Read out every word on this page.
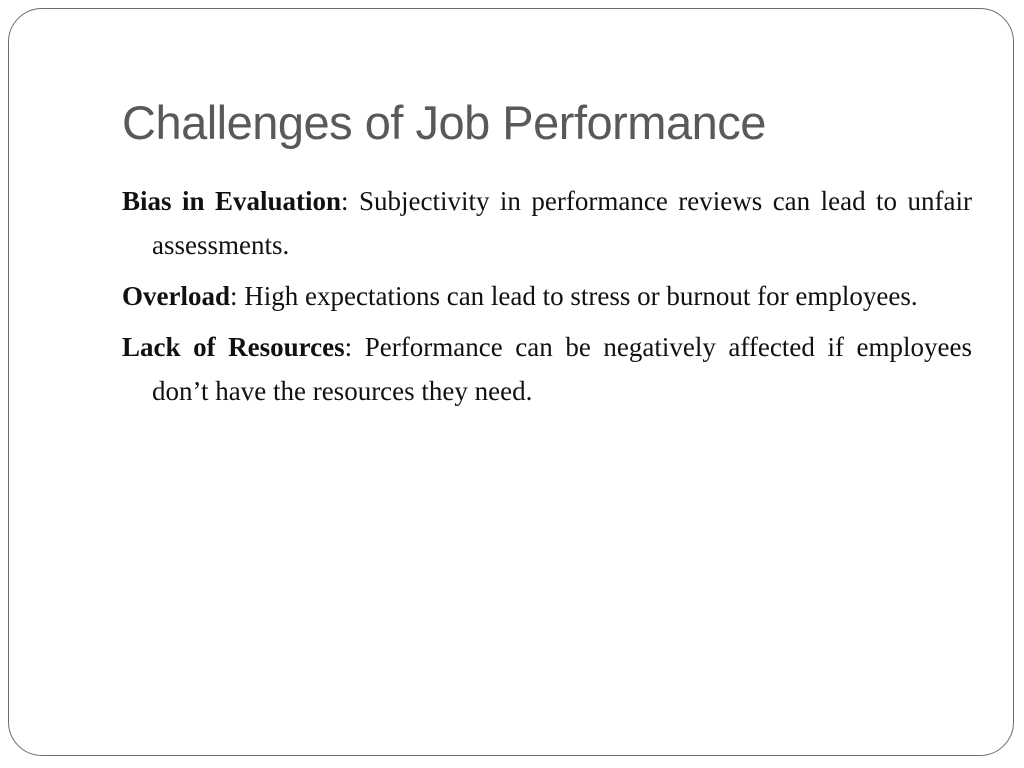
Challenges of Job Performance
Bias in Evaluation: Subjectivity in performance reviews can lead to unfair assessments.
Overload: High expectations can lead to stress or burnout for employees.
Lack of Resources: Performance can be negatively affected if employees don’t have the resources they need.
